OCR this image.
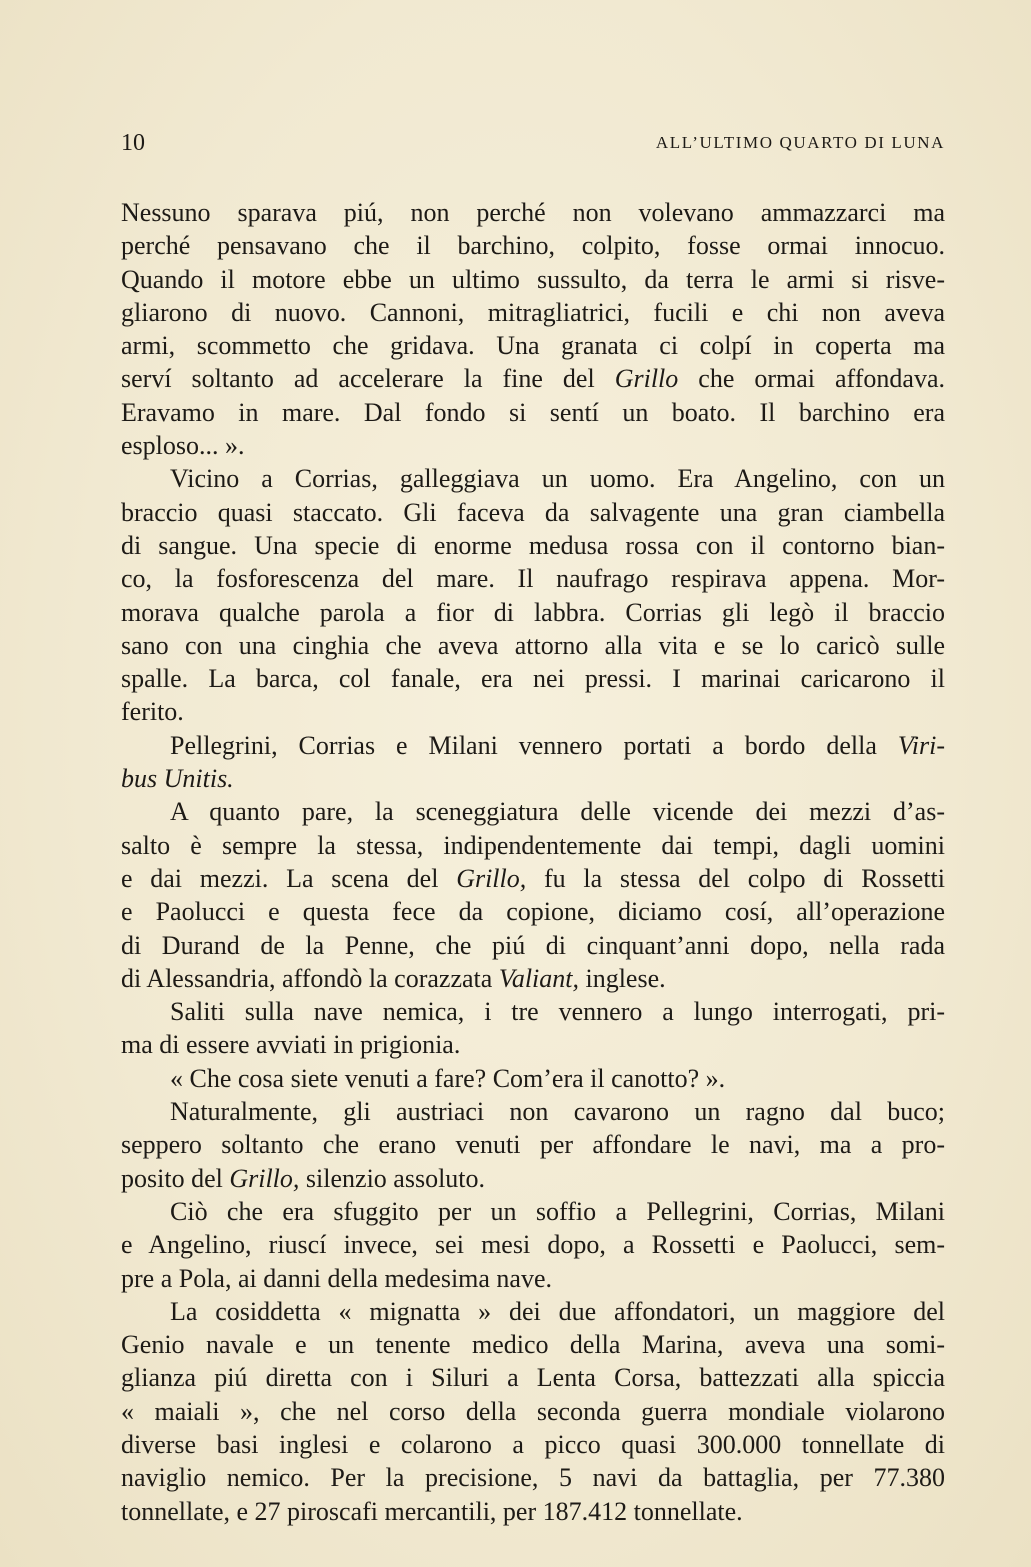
10	ALL’ULTIMO QUARTO DI LUNA
Nessuno sparava piú, non perché non volevano ammazzarci ma
perché pensavano che il barchino, colpito, fosse ormai innocuo.
Quando il motore ebbe un ultimo sussulto, da terra le armi si risve-
gliarono di nuovo. Cannoni, mitragliatrici, fucili e chi non aveva
armi, scommetto che gridava. Una granata ci colpí in coperta ma
serví soltanto ad accelerare la fine del Grillo che ormai affondava.
Eravamo in mare. Dal fondo si sentí un boato. Il barchino era
esploso... ».
Vicino a Corrias, galleggiava un uomo. Era Angelino, con un
braccio quasi staccato. Gli faceva da salvagente una gran ciambella
di sangue. Una specie di enorme medusa rossa con il contorno bian-
co, la fosforescenza del mare. Il naufrago respirava appena. Mor-
morava qualche parola a fior di labbra. Corrias gli legò il braccio
sano con una cinghia che aveva attorno alla vita e se lo caricò sulle
spalle. La barca, col fanale, era nei pressi. I marinai caricarono il
ferito.
Pellegrini, Corrias e Milani vennero portati a bordo della Viri-
bus Unitis.
A quanto pare, la sceneggiatura delle vicende dei mezzi d’as-
salto è sempre la stessa, indipendentemente dai tempi, dagli uomini
e dai mezzi. La scena del Grillo, fu la stessa del colpo di Rossetti
e Paolucci e questa fece da copione, diciamo cosí, all’operazione
di Durand de la Penne, che piú di cinquant’anni dopo, nella rada
di Alessandria, affondò la corazzata Valiant, inglese.
Saliti sulla nave nemica, i tre vennero a lungo interrogati, pri-
ma di essere avviati in prigionia.
« Che cosa siete venuti a fare? Com’era il canotto? ».
Naturalmente, gli austriaci non cavarono un ragno dal buco;
seppero soltanto che erano venuti per affondare le navi, ma a pro-
posito del Grillo, silenzio assoluto.
Ciò che era sfuggito per un soffio a Pellegrini, Corrias, Milani
e Angelino, riuscí invece, sei mesi dopo, a Rossetti e Paolucci, sem-
pre a Pola, ai danni della medesima nave.
La cosiddetta « mignatta » dei due affondatori, un maggiore del
Genio navale e un tenente medico della Marina, aveva una somi-
glianza piú diretta con i Siluri a Lenta Corsa, battezzati alla spiccia
« maiali », che nel corso della seconda guerra mondiale violarono
diverse basi inglesi e colarono a picco quasi 300.000 tonnellate di
naviglio nemico. Per la precisione, 5 navi da battaglia, per 77.380
tonnellate, e 27 piroscafi mercantili, per 187.412 tonnellate.
